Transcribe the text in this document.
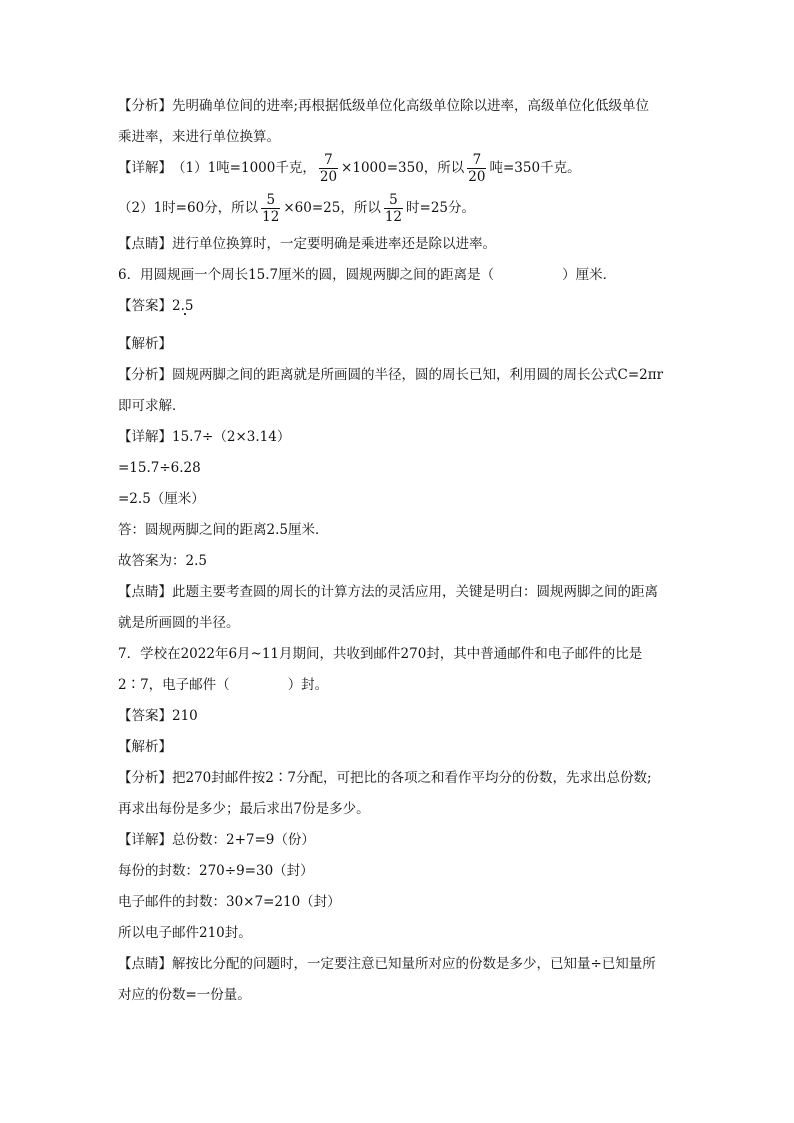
【分析】先明确单位间的进率;再根据低级单位化高级单位除以进率，高级单位化低级单位

乘进率，来进行单位换算。

【详解】 （1）1吨=1000千克， $\frac{7}{20} \times 1000=350$，所以 $\frac{7}{20}$ 吨=350千克。
（2）1时=60分，所以 $\frac{5}{12} \times 60=25$，所以 $\frac{5}{12}$ 时=25分。

【点睛】进行单位换算时，一定要明确是乘进率还是除以进率。

6．用圆规画一个周长15.7厘米的圆，圆规两脚之间的距离是（	）厘米．

【答案】2.5

【解析】

【分析】圆规两脚之间的距离就是所画圆的半径，圆的周长已知，利用圆的周长公式C=2πr

即可求解．

【详解】15.7÷（2×3.14）

=15.7÷6.28

=2.5（厘米）

答：圆规两脚之间的距离2.5厘米．

故答案为：2.5

【点睛】此题主要考查圆的周长的计算方法的灵活应用，关键是明白：圆规两脚之间的距离

就是所画圆的半径。

7．学校在2022年6月~11月期间，共收到邮件270封，其中普通邮件和电子邮件的比是

2∶7，电子邮件（	）封。

【答案】210

【解析】

【分析】把270封邮件按2∶7分配，可把比的各项之和看作平均分的份数，先求出总份数;

再求出每份是多少；最后求出7份是多少。

【详解】总份数：2+7=9（份）

每份的封数：270÷9=30（封）

电子邮件的封数：30×7=210（封）

所以电子邮件210封。

【点睛】解按比分配的问题时，一定要注意已知量所对应的份数是多少，已知量÷已知量所

对应的份数=一份量。
